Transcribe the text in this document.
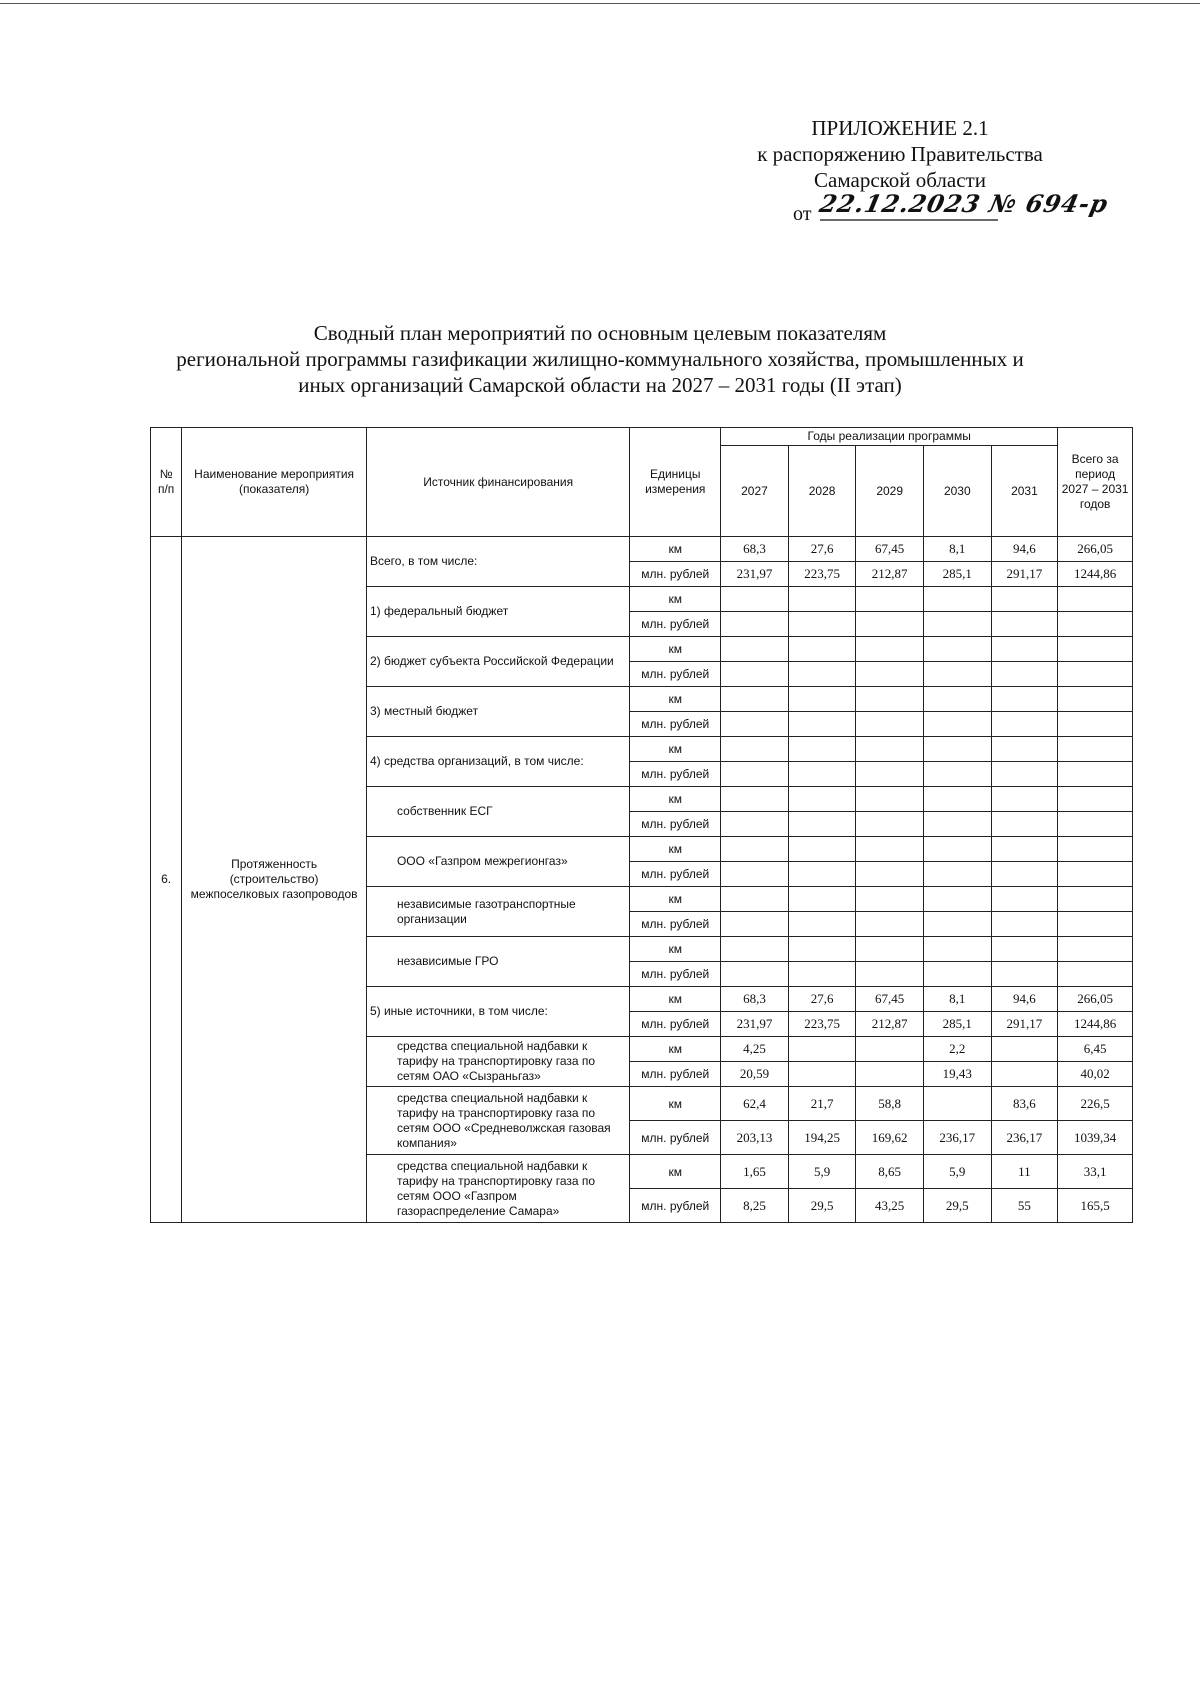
ПРИЛОЖЕНИЕ 2.1
к распоряжению Правительства
Самарской области
от 22.12.2023 № 694-р
Сводный план мероприятий по основным целевым показателям
региональной программы газификации жилищно-коммунального хозяйства, промышленных и
иных организаций Самарской области на 2027 – 2031 годы (II этап)
№ п/п	Наименование мероприятия (показателя)	Источник финансирования	Единицы измерения	Годы реализации программы					Всего за период 2027 – 2031 годов
				2027	2028	2029	2030	2031	
6.	Протяженность (строительство) межпоселковых газопроводов	Всего, в том числе:	км	68,3	27,6	67,45	8,1	94,6	266,05
			млн. рублей	231,97	223,75	212,87	285,1	291,17	1244,86
		1) федеральный бюджет	км						
			млн. рублей						
		2) бюджет субъекта Российской Федерации	км						
			млн. рублей						
		3) местный бюджет	км						
			млн. рублей						
		4) средства организаций, в том числе:	км						
			млн. рублей						
		собственник ЕСГ	км						
			млн. рублей						
		ООО «Газпром межрегионгаз»	км						
			млн. рублей						
		независимые газотранспортные организации	км						
			млн. рублей						
		независимые ГРО	км						
			млн. рублей						
		5) иные источники, в том числе:	км	68,3	27,6	67,45	8,1	94,6	266,05
			млн. рублей	231,97	223,75	212,87	285,1	291,17	1244,86
		средства специальной надбавки к тарифу на транспортировку газа по сетям ОАО «Сызраньгаз»	км	4,25			2,2		6,45
			млн. рублей	20,59			19,43		40,02
		средства специальной надбавки к тарифу на транспортировку газа по сетям ООО «Средневолжская газовая компания»	км	62,4	21,7	58,8		83,6	226,5
			млн. рублей	203,13	194,25	169,62	236,17	236,17	1039,34
		средства специальной надбавки к тарифу на транспортировку газа по сетям ООО «Газпром газораспределение Самара»	км	1,65	5,9	8,65	5,9	11	33,1
			млн. рублей	8,25	29,5	43,25	29,5	55	165,5
